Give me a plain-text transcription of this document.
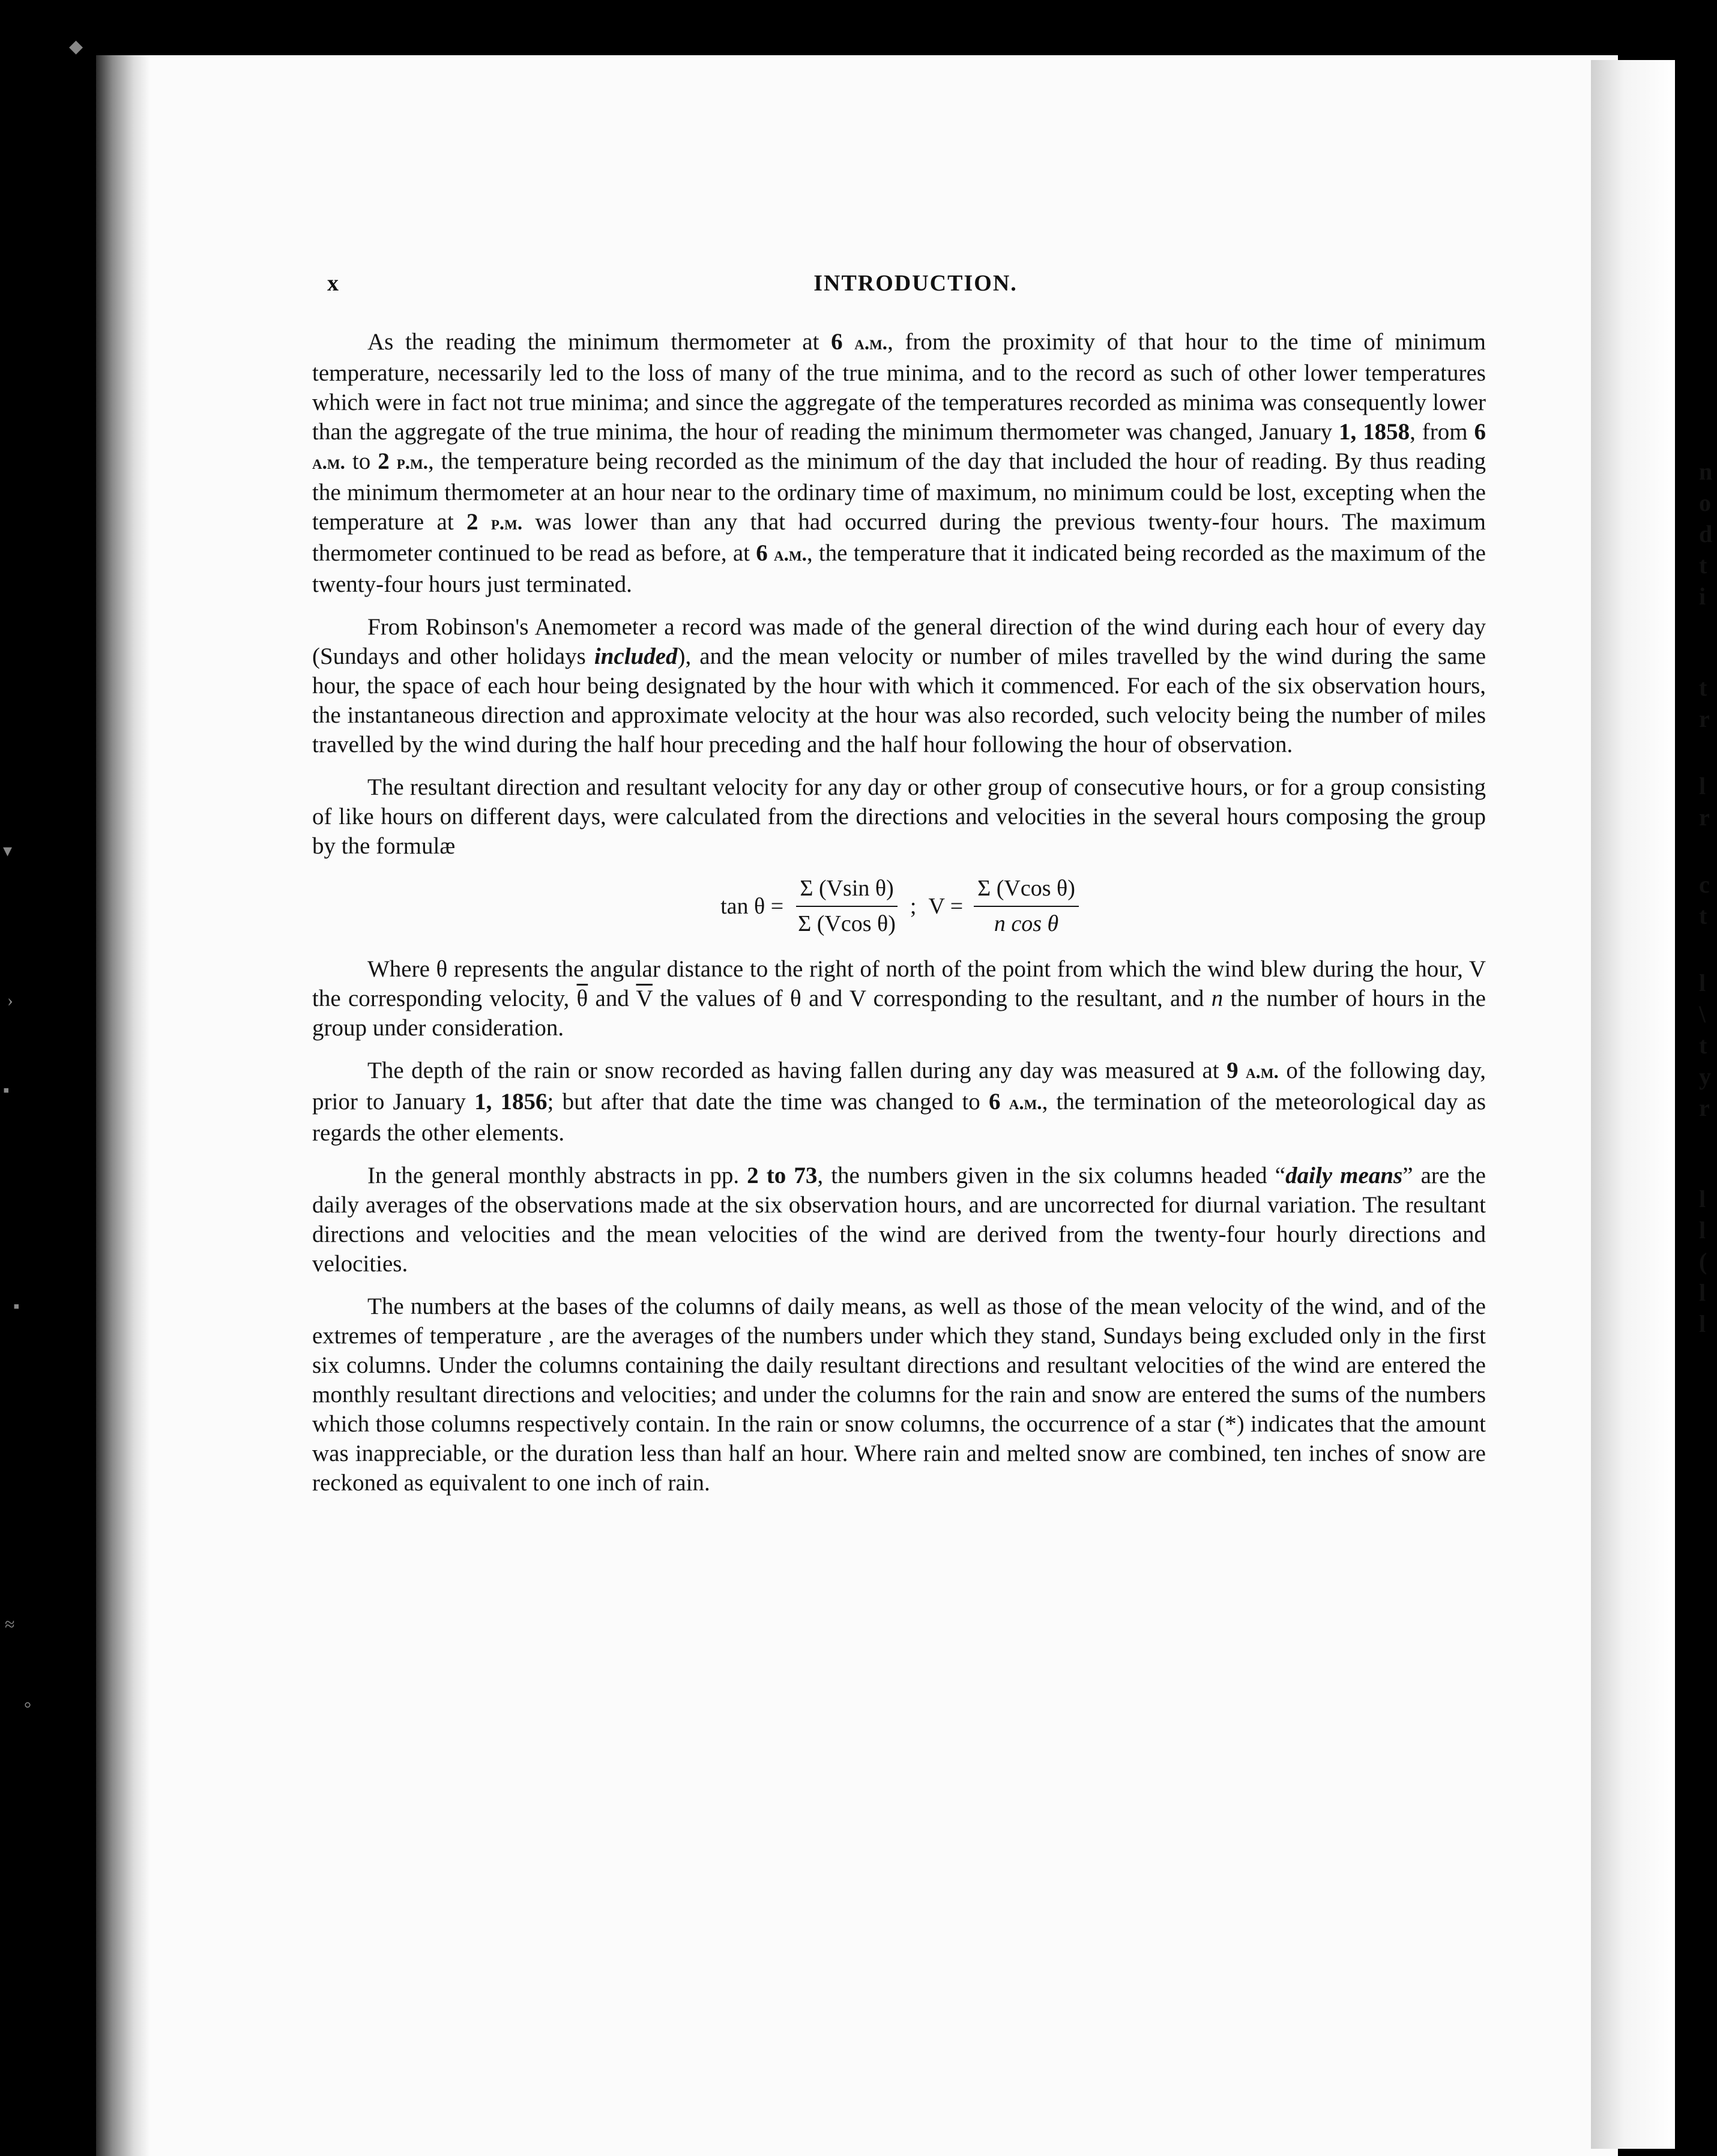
◆
▾
›
▪
▪
≈
°
n
o
d
t
i
t
r
l
r
c
t
l
\
t
y
r
l
l
(
l
l
x	INTRODUCTION.

As the reading the minimum thermometer at 6 a.m., from the proximity of that hour to the time of minimum temperature, necessarily led to the loss of many of the true minima, and to the record as such of other lower temperatures which were in fact not true minima; and since the aggregate of the temperatures recorded as minima was consequently lower than the aggregate of the true minima, the hour of reading the minimum thermometer was changed, January 1, 1858, from 6 a.m. to 2 p.m., the temperature being recorded as the minimum of the day that included the hour of reading. By thus reading the minimum thermometer at an hour near to the ordinary time of maximum, no minimum could be lost, excepting when the temperature at 2 p.m. was lower than any that had occurred during the previous twenty-four hours. The maximum thermometer continued to be read as before, at 6 a.m., the temperature that it indicated being recorded as the maximum of the twenty-four hours just terminated.

From Robinson's Anemometer a record was made of the general direction of the wind during each hour of every day (Sundays and other holidays included), and the mean velocity or number of miles travelled by the wind during the same hour, the space of each hour being designated by the hour with which it commenced. For each of the six observation hours, the instantaneous direction and approximate velocity at the hour was also recorded, such velocity being the number of miles travelled by the wind during the half hour preceding and the half hour following the hour of observation.

The resultant direction and resultant velocity for any day or other group of consecutive hours, or for a group consisting of like hours on different days, were calculated from the directions and velocities in the several hours composing the group by the formulæ

$\tan \theta = \frac{\text{Σ (Vsin θ)}}{\text{Σ (Vcos θ)}}$ ; $V = \frac{\text{Σ (Vcos θ)}}{\text{n cos θ}}$

Where θ represents the angular distance to the right of north of the point from which the wind blew during the hour, V the corresponding velocity, $\overline{\theta}$ and $\overline{V}$ the values of θ and V corresponding to the resultant, and n the number of hours in the group under consideration.

The depth of the rain or snow recorded as having fallen during any day was measured at 9 a.m. of the following day, prior to January 1, 1856; but after that date the time was changed to 6 a.m., the termination of the meteorological day as regards the other elements.

In the general monthly abstracts in pp. 2 to 73, the numbers given in the six columns headed “daily means” are the daily averages of the observations made at the six observation hours, and are uncorrected for diurnal variation. The resultant directions and velocities and the mean velocities of the wind are derived from the twenty-four hourly directions and velocities.

The numbers at the bases of the columns of daily means, as well as those of the mean velocity of the wind, and of the extremes of temperature , are the averages of the numbers under which they stand, Sundays being excluded only in the first six columns. Under the columns containing the daily resultant directions and resultant velocities of the wind are entered the monthly resultant directions and velocities; and under the columns for the rain and snow are entered the sums of the numbers which those columns respectively contain. In the rain or snow columns, the occurrence of a star (*) indicates that the amount was inappreciable, or the duration less than half an hour. Where rain and melted snow are combined, ten inches of snow are reckoned as equivalent to one inch of rain.
